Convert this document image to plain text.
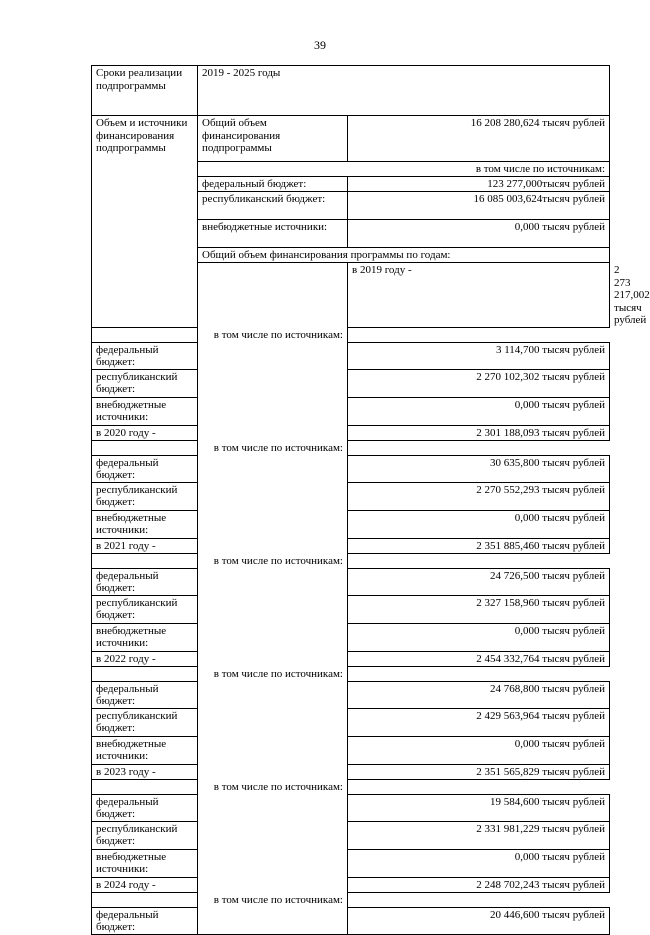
39
Сроки реализации подпрограммы	2019 - 2025 годы		
Объем и источники финансирования подпрограммы	Общий объем финансирования подпрограммы	16 208 280,624 тысяч рублей	
	в том числе по источникам:		
	федеральный бюджет:	123 277,000тысяч рублей	
	республиканский бюджет:	16 085 003,624тысяч рублей	
	внебюджетные источники:	0,000 тысяч рублей	
	Общий объем финансирования программы по годам:		
		в 2019 году -	2 273 217,002 тысяч рублей
в том числе по источникам:			
федеральный бюджет:		3 114,700 тысяч рублей	
республиканский бюджет:		2 270 102,302 тысяч рублей	
внебюджетные источники:		0,000 тысяч рублей	
в 2020 году -		2 301 188,093 тысяч рублей	
в том числе по источникам:			
федеральный бюджет:		30 635,800 тысяч рублей	
республиканский бюджет:		2 270 552,293 тысяч рублей	
внебюджетные источники:		0,000 тысяч рублей	
в 2021 году -		2 351 885,460 тысяч рублей	
в том числе по источникам:			
федеральный бюджет:		24 726,500 тысяч рублей	
республиканский бюджет:		2 327 158,960 тысяч рублей	
внебюджетные источники:		0,000 тысяч рублей	
в 2022 году -		2 454 332,764 тысяч рублей	
в том числе по источникам:			
федеральный бюджет:		24 768,800 тысяч рублей	
республиканский бюджет:		2 429 563,964 тысяч рублей	
внебюджетные источники:		0,000 тысяч рублей	
в 2023 году -		2 351 565,829 тысяч рублей	
в том числе по источникам:			
федеральный бюджет:		19 584,600 тысяч рублей	
республиканский бюджет:		2 331 981,229 тысяч рублей	
внебюджетные источники:		0,000 тысяч рублей	
в 2024 году -		2 248 702,243 тысяч рублей	
в том числе по источникам:			
федеральный бюджет:		20 446,600 тысяч рублей	
